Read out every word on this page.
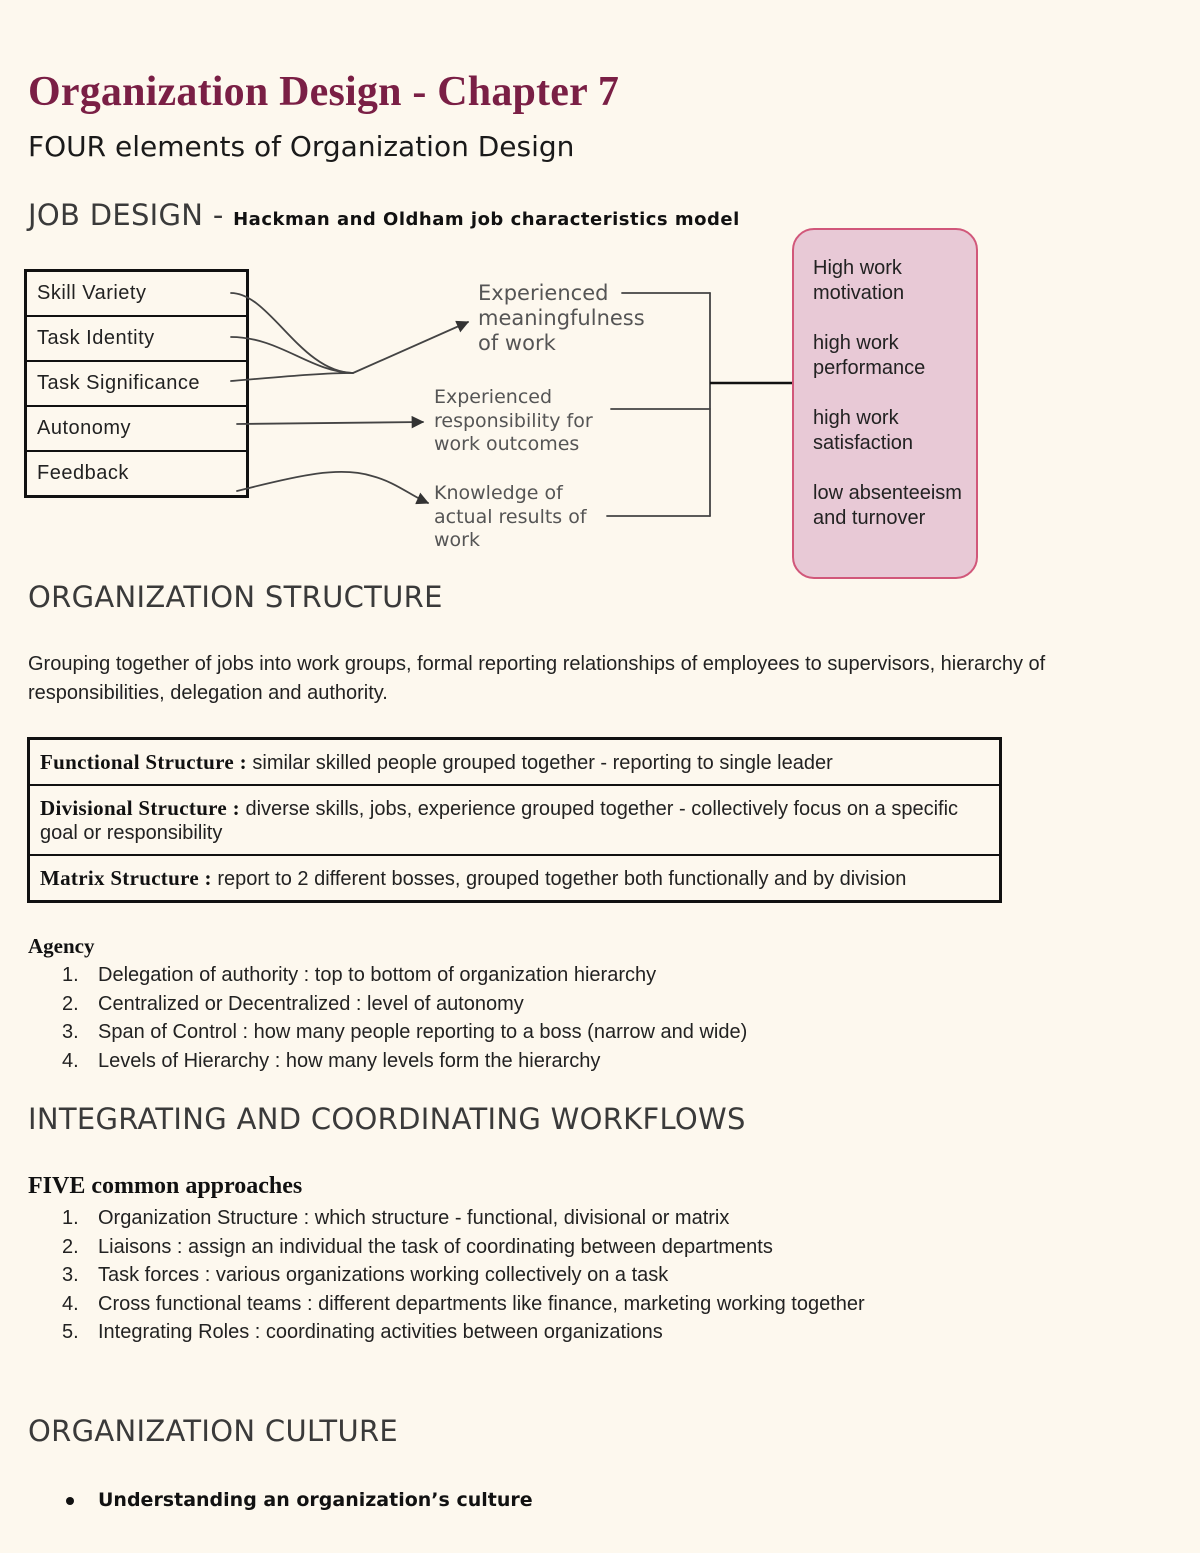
Organization Design - Chapter 7
FOUR elements of Organization Design
JOB DESIGN - Hackman and Oldham job characteristics model
Skill Variety
Task Identity
Task Significance
Autonomy
Feedback
Experienced
meaningfulness
of work
Experienced
responsibility for
work outcomes
Knowledge of
actual results of
work

High work motivation

high work performance

high work satisfaction

low absenteeism and turnover

ORGANIZATION STRUCTURE

Grouping together of jobs into work groups, formal reporting relationships of employees to supervisors, hierarchy of responsibilities, delegation and authority.

Functional Structure : similar skilled people grouped together - reporting to single leader
Divisional Structure : diverse skills, jobs, experience grouped together - collectively focus on a specific goal or responsibility
Matrix Structure : report to 2 different bosses, grouped together both functionally and by division
Agency
1. Delegation of authority : top to bottom of organization hierarchy
2. Centralized or Decentralized : level of autonomy
3. Span of Control : how many people reporting to a boss (narrow and wide)
4. Levels of Hierarchy : how many levels form the hierarchy
INTEGRATING AND COORDINATING WORKFLOWS
FIVE common approaches
1. Organization Structure : which structure - functional, divisional or matrix
2. Liaisons : assign an individual the task of coordinating between departments
3. Task forces : various organizations working collectively on a task
4. Cross functional teams : different departments like finance, marketing working together
5. Integrating Roles : coordinating activities between organizations
ORGANIZATION CULTURE
Understanding an organization’s culture
